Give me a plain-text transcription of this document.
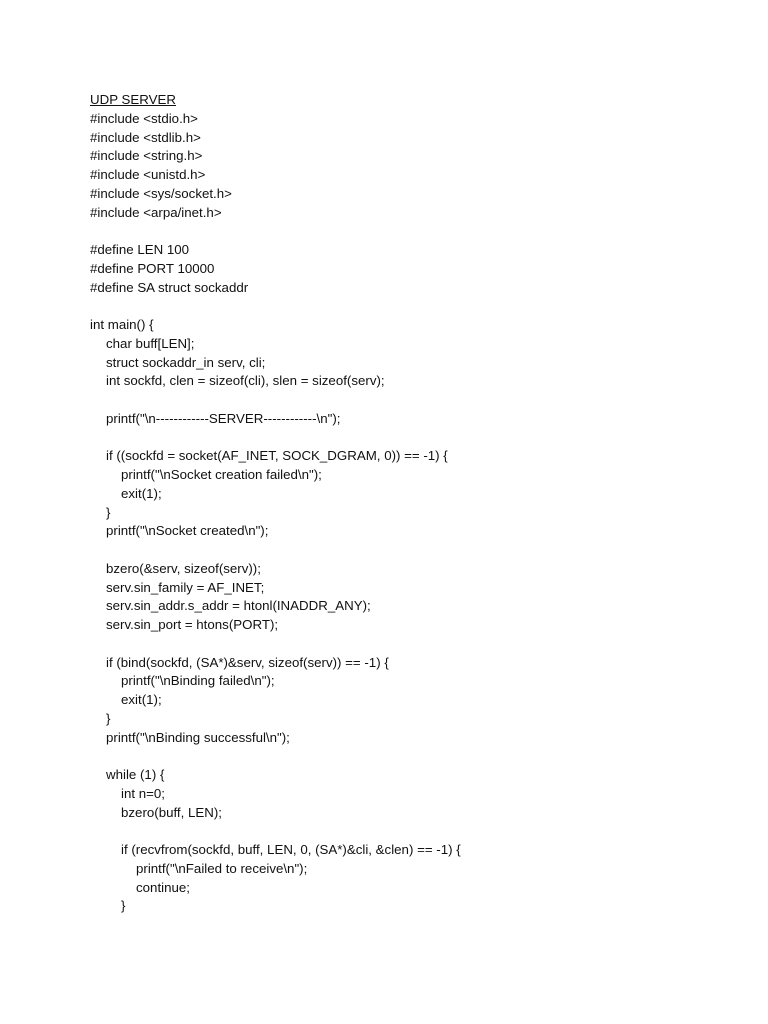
UDP SERVER
#include <stdio.h>
#include <stdlib.h>
#include <string.h>
#include <unistd.h>
#include <sys/socket.h>
#include <arpa/inet.h>
#define LEN 100
#define PORT 10000
#define SA struct sockaddr
int main() {
char buff[LEN];
struct sockaddr_in serv, cli;
int sockfd, clen = sizeof(cli), slen = sizeof(serv);
printf("\n------------SERVER------------\n");
if ((sockfd = socket(AF_INET, SOCK_DGRAM, 0)) == -1) {
printf("\nSocket creation failed\n");
exit(1);
}
printf("\nSocket created\n");
bzero(&serv, sizeof(serv));
serv.sin_family = AF_INET;
serv.sin_addr.s_addr = htonl(INADDR_ANY);
serv.sin_port = htons(PORT);
if (bind(sockfd, (SA*)&serv, sizeof(serv)) == -1) {
printf("\nBinding failed\n");
exit(1);
}
printf("\nBinding successful\n");
while (1) {
int n=0;
bzero(buff, LEN);
if (recvfrom(sockfd, buff, LEN, 0, (SA*)&cli, &clen) == -1) {
printf("\nFailed to receive\n");
continue;
}
